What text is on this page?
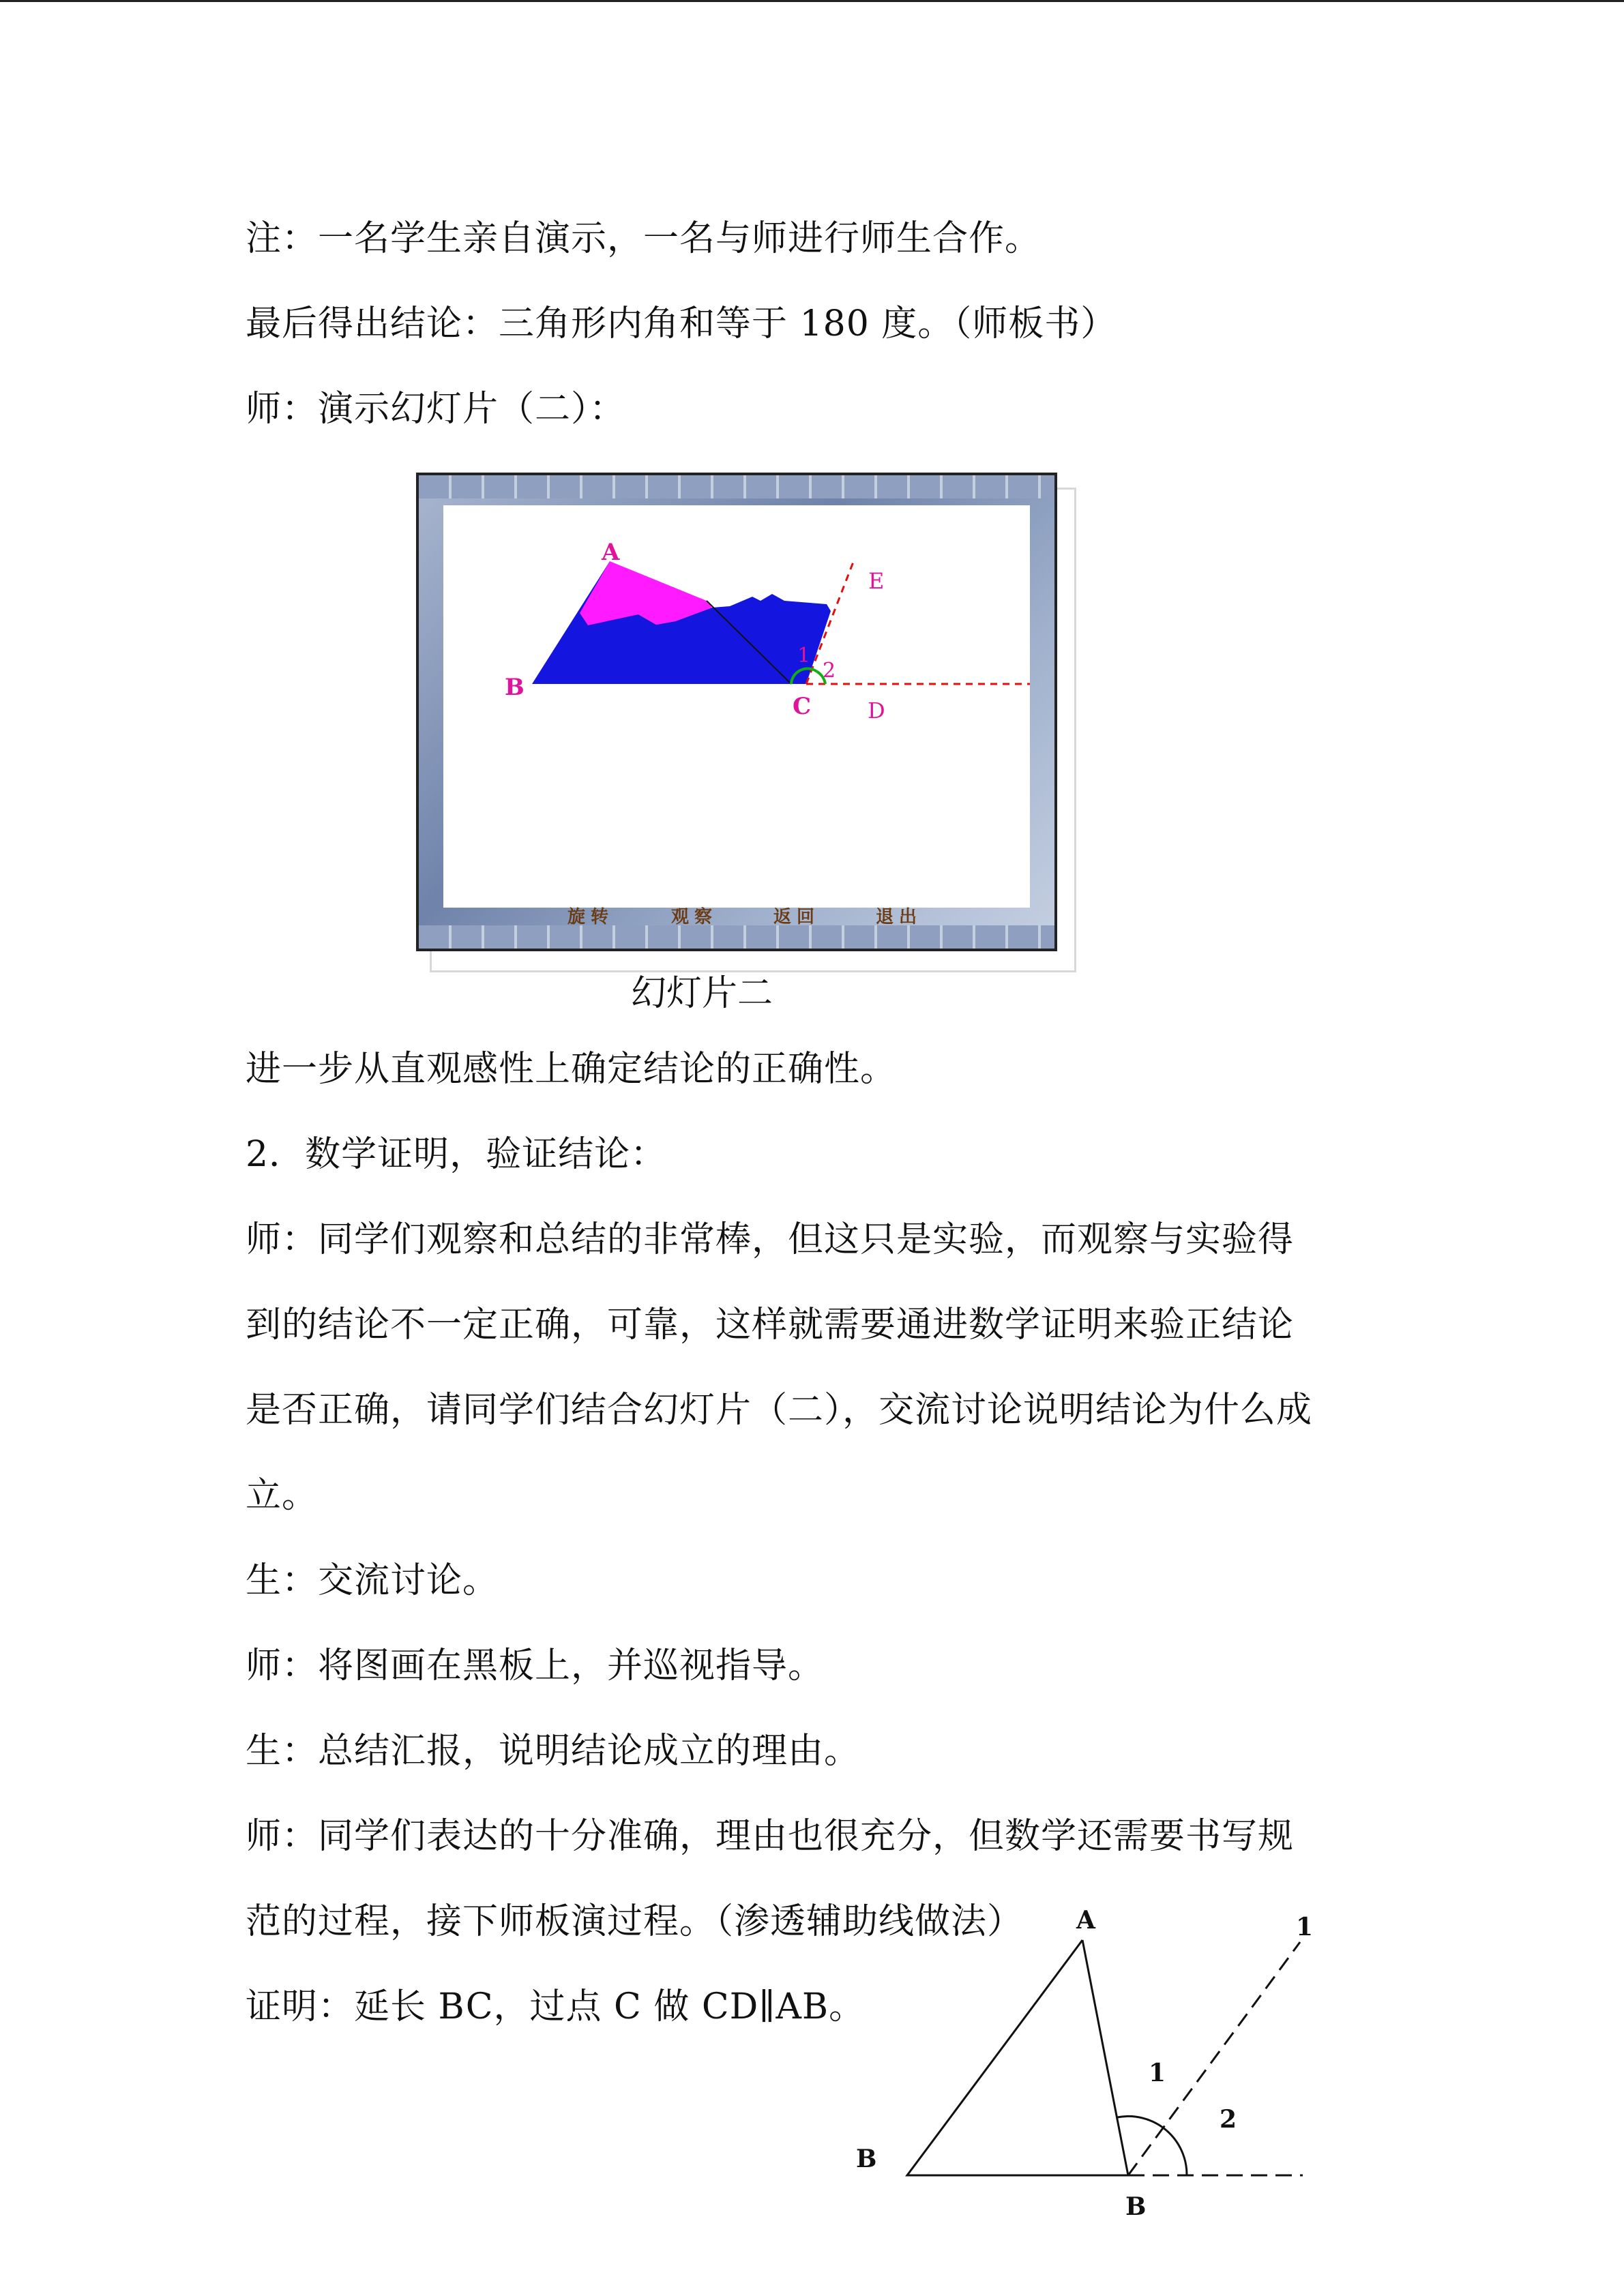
注：一名学生亲自演示，一名与师进行师生合作。
最后得出结论：三角形内角和等于 180 度。（师板书）
师：演示幻灯片（二）：
A
B
C	D
E
1
2
旋转	观察	返回	退出
幻灯片二
进一步从直观感性上确定结论的正确性。
2．数学证明，验证结论：
师：同学们观察和总结的非常棒，但这只是实验，而观察与实验得
到的结论不一定正确，可靠，这样就需要通进数学证明来验正结论
是否正确，请同学们结合幻灯片（二），交流讨论说明结论为什么成
立。
生：交流讨论。
师：将图画在黑板上，并巡视指导。
生：总结汇报，说明结论成立的理由。
师：同学们表达的十分准确，理由也很充分，但数学还需要书写规
范的过程，接下师板演过程。（渗透辅助线做法）
证明：延长 BC，过点 C 做 CD∥AB。
A
B
B
1
1
2
